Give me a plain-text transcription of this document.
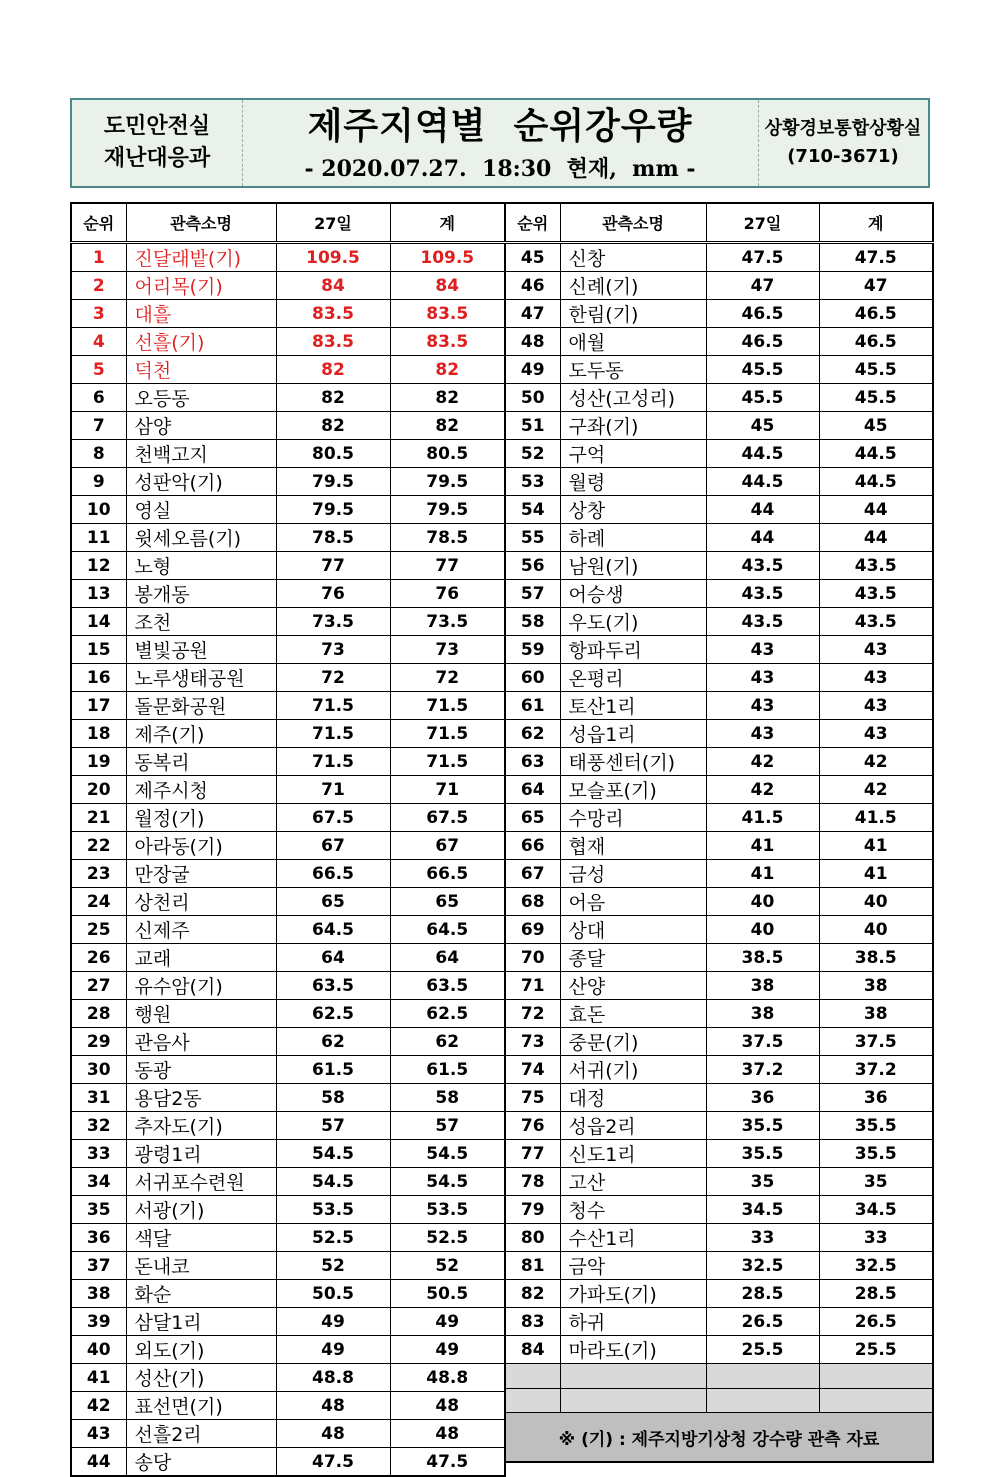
도민안전실
재난대응과
제주지역별  순위강우량
- 2020.07.27.  18:30  현재,  mm -
상황경보통합상황실
(710-3671)
순위	관측소명	27일	계
1	진달래밭(기)	109.5	109.5
2	어리목(기)	84	84
3	대흘	83.5	83.5
4	선흘(기)	83.5	83.5
5	덕천	82	82
6	오등동	82	82
7	삼양	82	82
8	천백고지	80.5	80.5
9	성판악(기)	79.5	79.5
10	영실	79.5	79.5
11	윗세오름(기)	78.5	78.5
12	노형	77	77
13	봉개동	76	76
14	조천	73.5	73.5
15	별빛공원	73	73
16	노루생태공원	72	72
17	돌문화공원	71.5	71.5
18	제주(기)	71.5	71.5
19	동복리	71.5	71.5
20	제주시청	71	71
21	월정(기)	67.5	67.5
22	아라동(기)	67	67
23	만장굴	66.5	66.5
24	상천리	65	65
25	신제주	64.5	64.5
26	교래	64	64
27	유수암(기)	63.5	63.5
28	행원	62.5	62.5
29	관음사	62	62
30	동광	61.5	61.5
31	용담2동	58	58
32	추자도(기)	57	57
33	광령1리	54.5	54.5
34	서귀포수련원	54.5	54.5
35	서광(기)	53.5	53.5
36	색달	52.5	52.5
37	돈내코	52	52
38	화순	50.5	50.5
39	삼달1리	49	49
40	외도(기)	49	49
41	성산(기)	48.8	48.8
42	표선면(기)	48	48
43	선흘2리	48	48
44	송당	47.5	47.5
순위	관측소명	27일	계
45	신창	47.5	47.5
46	신례(기)	47	47
47	한림(기)	46.5	46.5
48	애월	46.5	46.5
49	도두동	45.5	45.5
50	성산(고성리)	45.5	45.5
51	구좌(기)	45	45
52	구억	44.5	44.5
53	월령	44.5	44.5
54	상창	44	44
55	하례	44	44
56	남원(기)	43.5	43.5
57	어승생	43.5	43.5
58	우도(기)	43.5	43.5
59	항파두리	43	43
60	온평리	43	43
61	토산1리	43	43
62	성읍1리	43	43
63	태풍센터(기)	42	42
64	모슬포(기)	42	42
65	수망리	41.5	41.5
66	협재	41	41
67	금성	41	41
68	어음	40	40
69	상대	40	40
70	종달	38.5	38.5
71	산양	38	38
72	효돈	38	38
73	중문(기)	37.5	37.5
74	서귀(기)	37.2	37.2
75	대정	36	36
76	성읍2리	35.5	35.5
77	신도1리	35.5	35.5
78	고산	35	35
79	청수	34.5	34.5
80	수산1리	33	33
81	금악	32.5	32.5
82	가파도(기)	28.5	28.5
83	하귀	26.5	26.5
84	마라도(기)	25.5	25.5

※ (기) : 제주지방기상청 강수량 관측 자료			
